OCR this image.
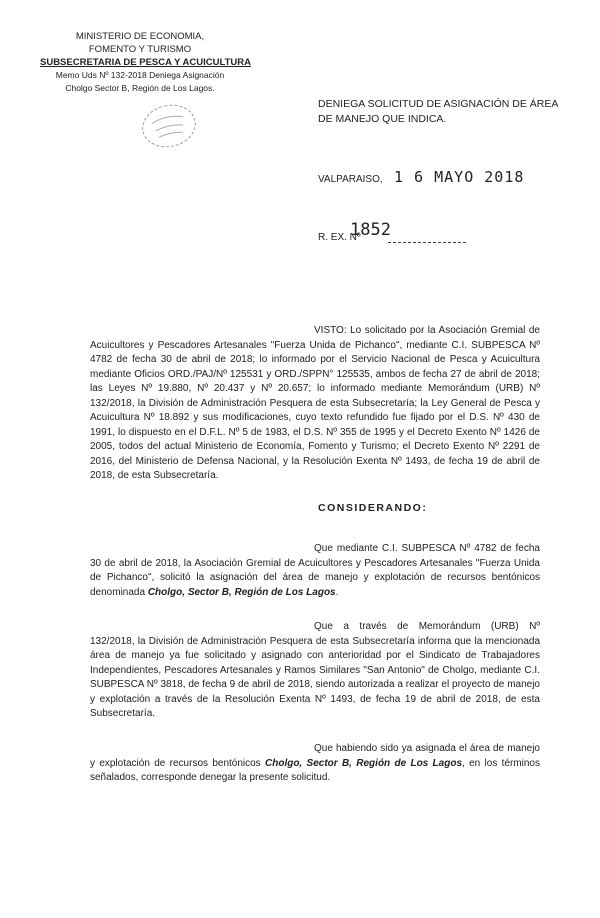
MINISTERIO DE ECONOMIA,
FOMENTO Y TURISMO
SUBSECRETARIA DE PESCA Y ACUICULTURA
Memo Uds Nº 132-2018 Deniega Asignación
Cholgo Sector B, Región de Los Lagos.
DENIEGA SOLICITUD DE ASIGNACIÓN DE ÁREA DE MANEJO QUE INDICA.
VALPARAISO, 1 6 MAYO 2018
R. EX. Nº
1852
VISTO: Lo solicitado por la Asociación Gremial de Acuicultores y Pescadores Artesanales "Fuerza Unida de Pichanco", mediante C.I. SUBPESCA Nº 4782 de fecha 30 de abril de 2018; lo informado por el Servicio Nacional de Pesca y Acuicultura mediante Oficios ORD./PAJ/Nº 125531 y ORD./SPPN° 125535, ambos de fecha 27 de abril de 2018; las Leyes Nº 19.880, Nº 20.437 y Nº 20.657; lo informado mediante Memorándum (URB) Nº 132/2018, la División de Administración Pesquera de esta Subsecretaría; la Ley General de Pesca y Acuicultura Nº 18.892 y sus modificaciones, cuyo texto refundido fue fijado por el D.S. Nº 430 de 1991, lo dispuesto en el D.F.L. Nº 5 de 1983, el D.S. Nº 355 de 1995 y el Decreto Exento Nº 1426 de 2005, todos del actual Ministerio de Economía, Fomento y Turismo; el Decreto Exento Nº 2291 de 2016, del Ministerio de Defensa Nacional, y la Resolución Exenta Nº 1493, de fecha 19 de abril de 2018, de esta Subsecretaría.
CONSIDERANDO:
Que mediante C.I. SUBPESCA Nº 4782 de fecha 30 de abril de 2018, la Asociación Gremial de Acuicultores y Pescadores Artesanales "Fuerza Unida de Pichanco", solicitó la asignación del área de manejo y explotación de recursos bentónicos denominada Cholgo, Sector B, Región de Los Lagos.
Que a través de Memorándum (URB) Nº 132/2018, la División de Administración Pesquera de esta Subsecretaría informa que la mencionada área de manejo ya fue solicitado y asignado con anterioridad por el Sindicato de Trabajadores Independientes, Pescadores Artesanales y Ramos Similares "San Antonio" de Cholgo, mediante C.I. SUBPESCA Nº 3818, de fecha 9 de abril de 2018, siendo autorizada a realizar el proyecto de manejo y explotación a través de la Resolución Exenta Nº 1493, de fecha 19 de abril de 2018, de esta Subsecretaría.
Que habiendo sido ya asignada el área de manejo y explotación de recursos bentónicos Cholgo, Sector B, Región de Los Lagos, en los términos señalados, corresponde denegar la presente solicitud.
